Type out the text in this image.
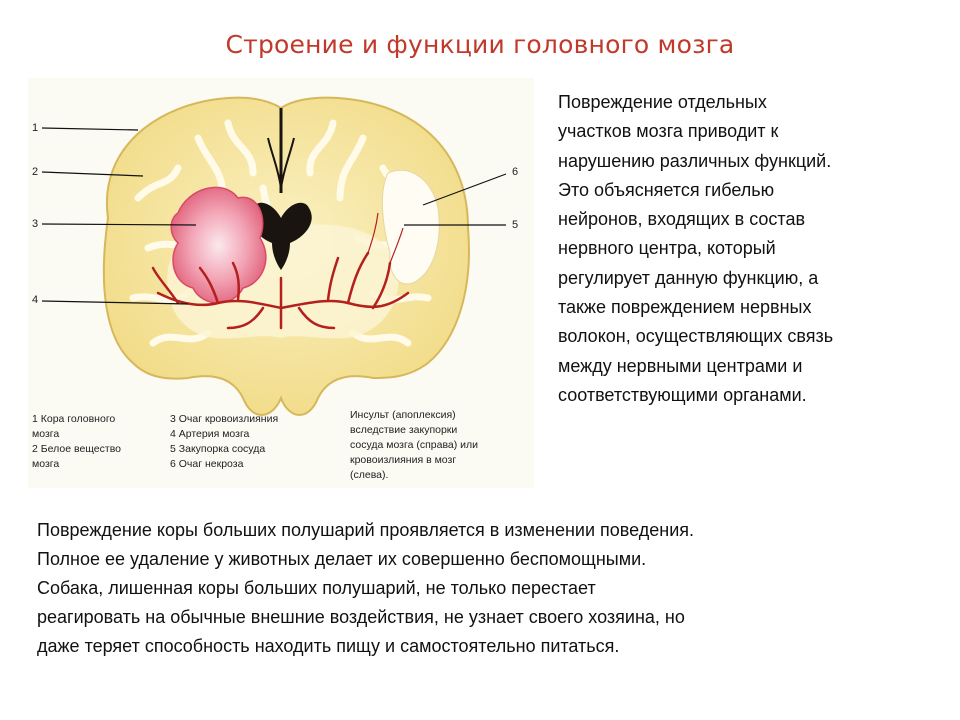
Строение и функции головного мозга
1
2
3
4
5
6
1 Кора головного
мозга
2 Белое вещество
мозга
3 Очаг кровоизлияния
4 Артерия мозга
5 Закупорка сосуда
6 Очаг некроза
Инсульт (апоплексия)
вследствие закупорки
сосуда мозга (справа) или
кровоизлияния в мозг
(слева).
Повреждение отдельных
участков мозга приводит к
нарушению различных функций.
Это объясняется гибелью
нейронов, входящих в состав
нервного центра, который
регулирует данную функцию, а
также повреждением нервных
волокон, осуществляющих связь
между нервными центрами и
соответствующими органами.
Повреждение коры больших полушарий проявляется в изменении поведения.
Полное ее удаление у животных делает их совершенно беспомощными.
Собака, лишенная коры больших полушарий, не только перестает
реагировать на обычные внешние воздействия, не узнает своего хозяина, но
даже теряет способность находить пищу и самостоятельно питаться.
